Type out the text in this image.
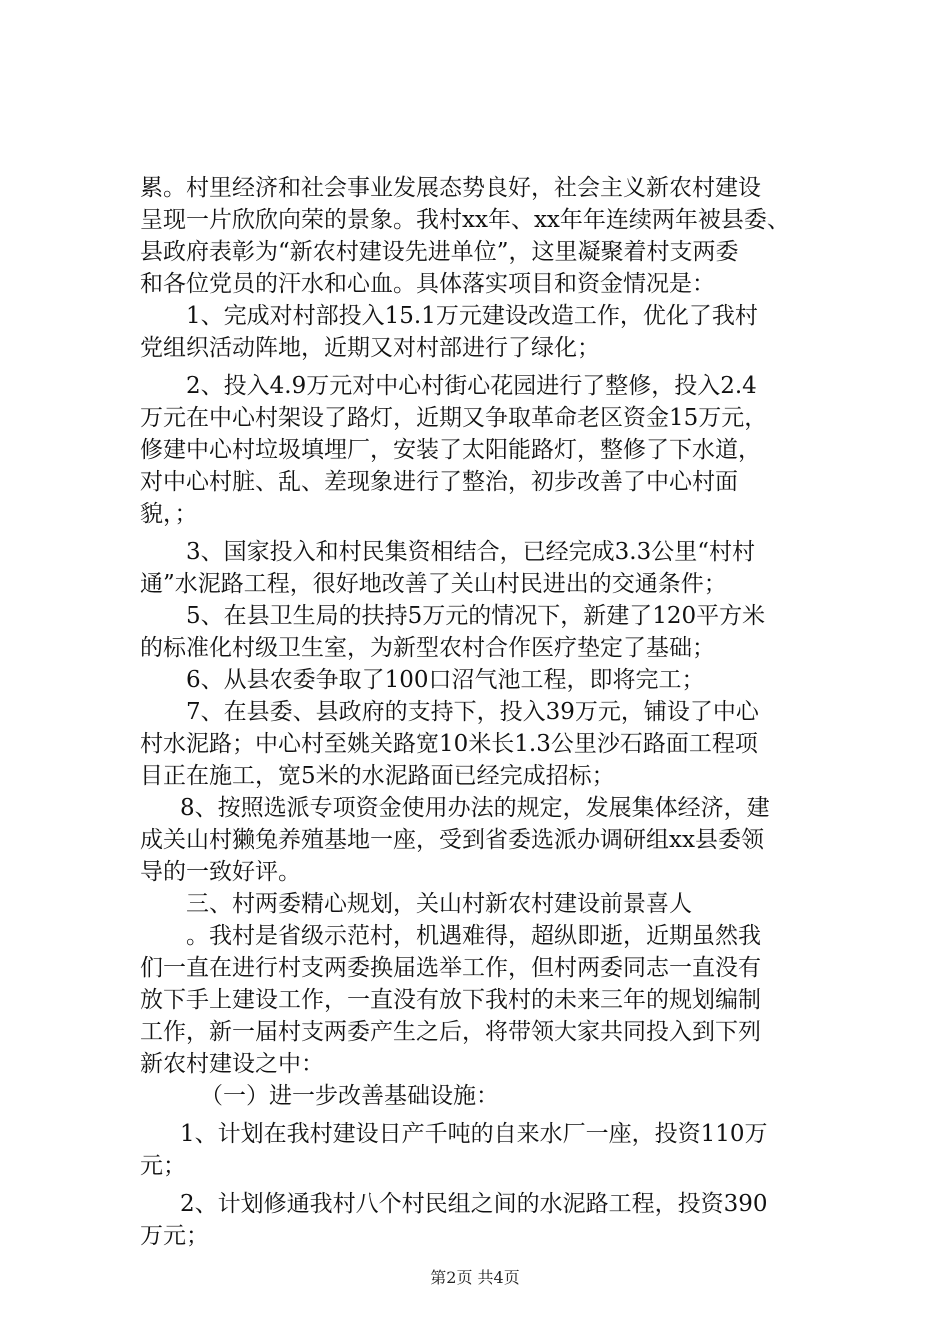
累。村里经济和社会事业发展态势良好，社会主义新农村建设
呈现一片欣欣向荣的景象。我村xx年、xx年年连续两年被县委、
县政府表彰为“新农村建设先进单位”，这里凝聚着村支两委
和各位党员的汗水和心血。具体落实项目和资金情况是：
1、完成对村部投入15.1万元建设改造工作，优化了我村
党组织活动阵地，近期又对村部进行了绿化；
2、投入4.9万元对中心村街心花园进行了整修，投入2.4
万元在中心村架设了路灯，近期又争取革命老区资金15万元，
修建中心村垃圾填埋厂，安装了太阳能路灯，整修了下水道，
对中心村脏、乱、差现象进行了整治，初步改善了中心村面
貌，；
3、国家投入和村民集资相结合，已经完成3.3公里“村村
通”水泥路工程，很好地改善了关山村民进出的交通条件；
5、在县卫生局的扶持5万元的情况下，新建了120平方米
的标准化村级卫生室，为新型农村合作医疗垫定了基础；
6、从县农委争取了100口沼气池工程，即将完工；
7、在县委、县政府的支持下，投入39万元，铺设了中心
村水泥路；中心村至姚关路宽10米长1.3公里沙石路面工程项
目正在施工，宽5米的水泥路面已经完成招标；
8、按照选派专项资金使用办法的规定，发展集体经济，建
成关山村獭兔养殖基地一座，受到省委选派办调研组xx县委领
导的一致好评。
三、村两委精心规划，关山村新农村建设前景喜人
。我村是省级示范村，机遇难得，超纵即逝，近期虽然我
们一直在进行村支两委换届选举工作，但村两委同志一直没有
放下手上建设工作，一直没有放下我村的未来三年的规划编制
工作，新一届村支两委产生之后，将带领大家共同投入到下列
新农村建设之中：
（一）进一步改善基础设施：
1、计划在我村建设日产千吨的自来水厂一座，投资110万
元；
2、计划修通我村八个村民组之间的水泥路工程，投资390
万元；
第2页 共4页
